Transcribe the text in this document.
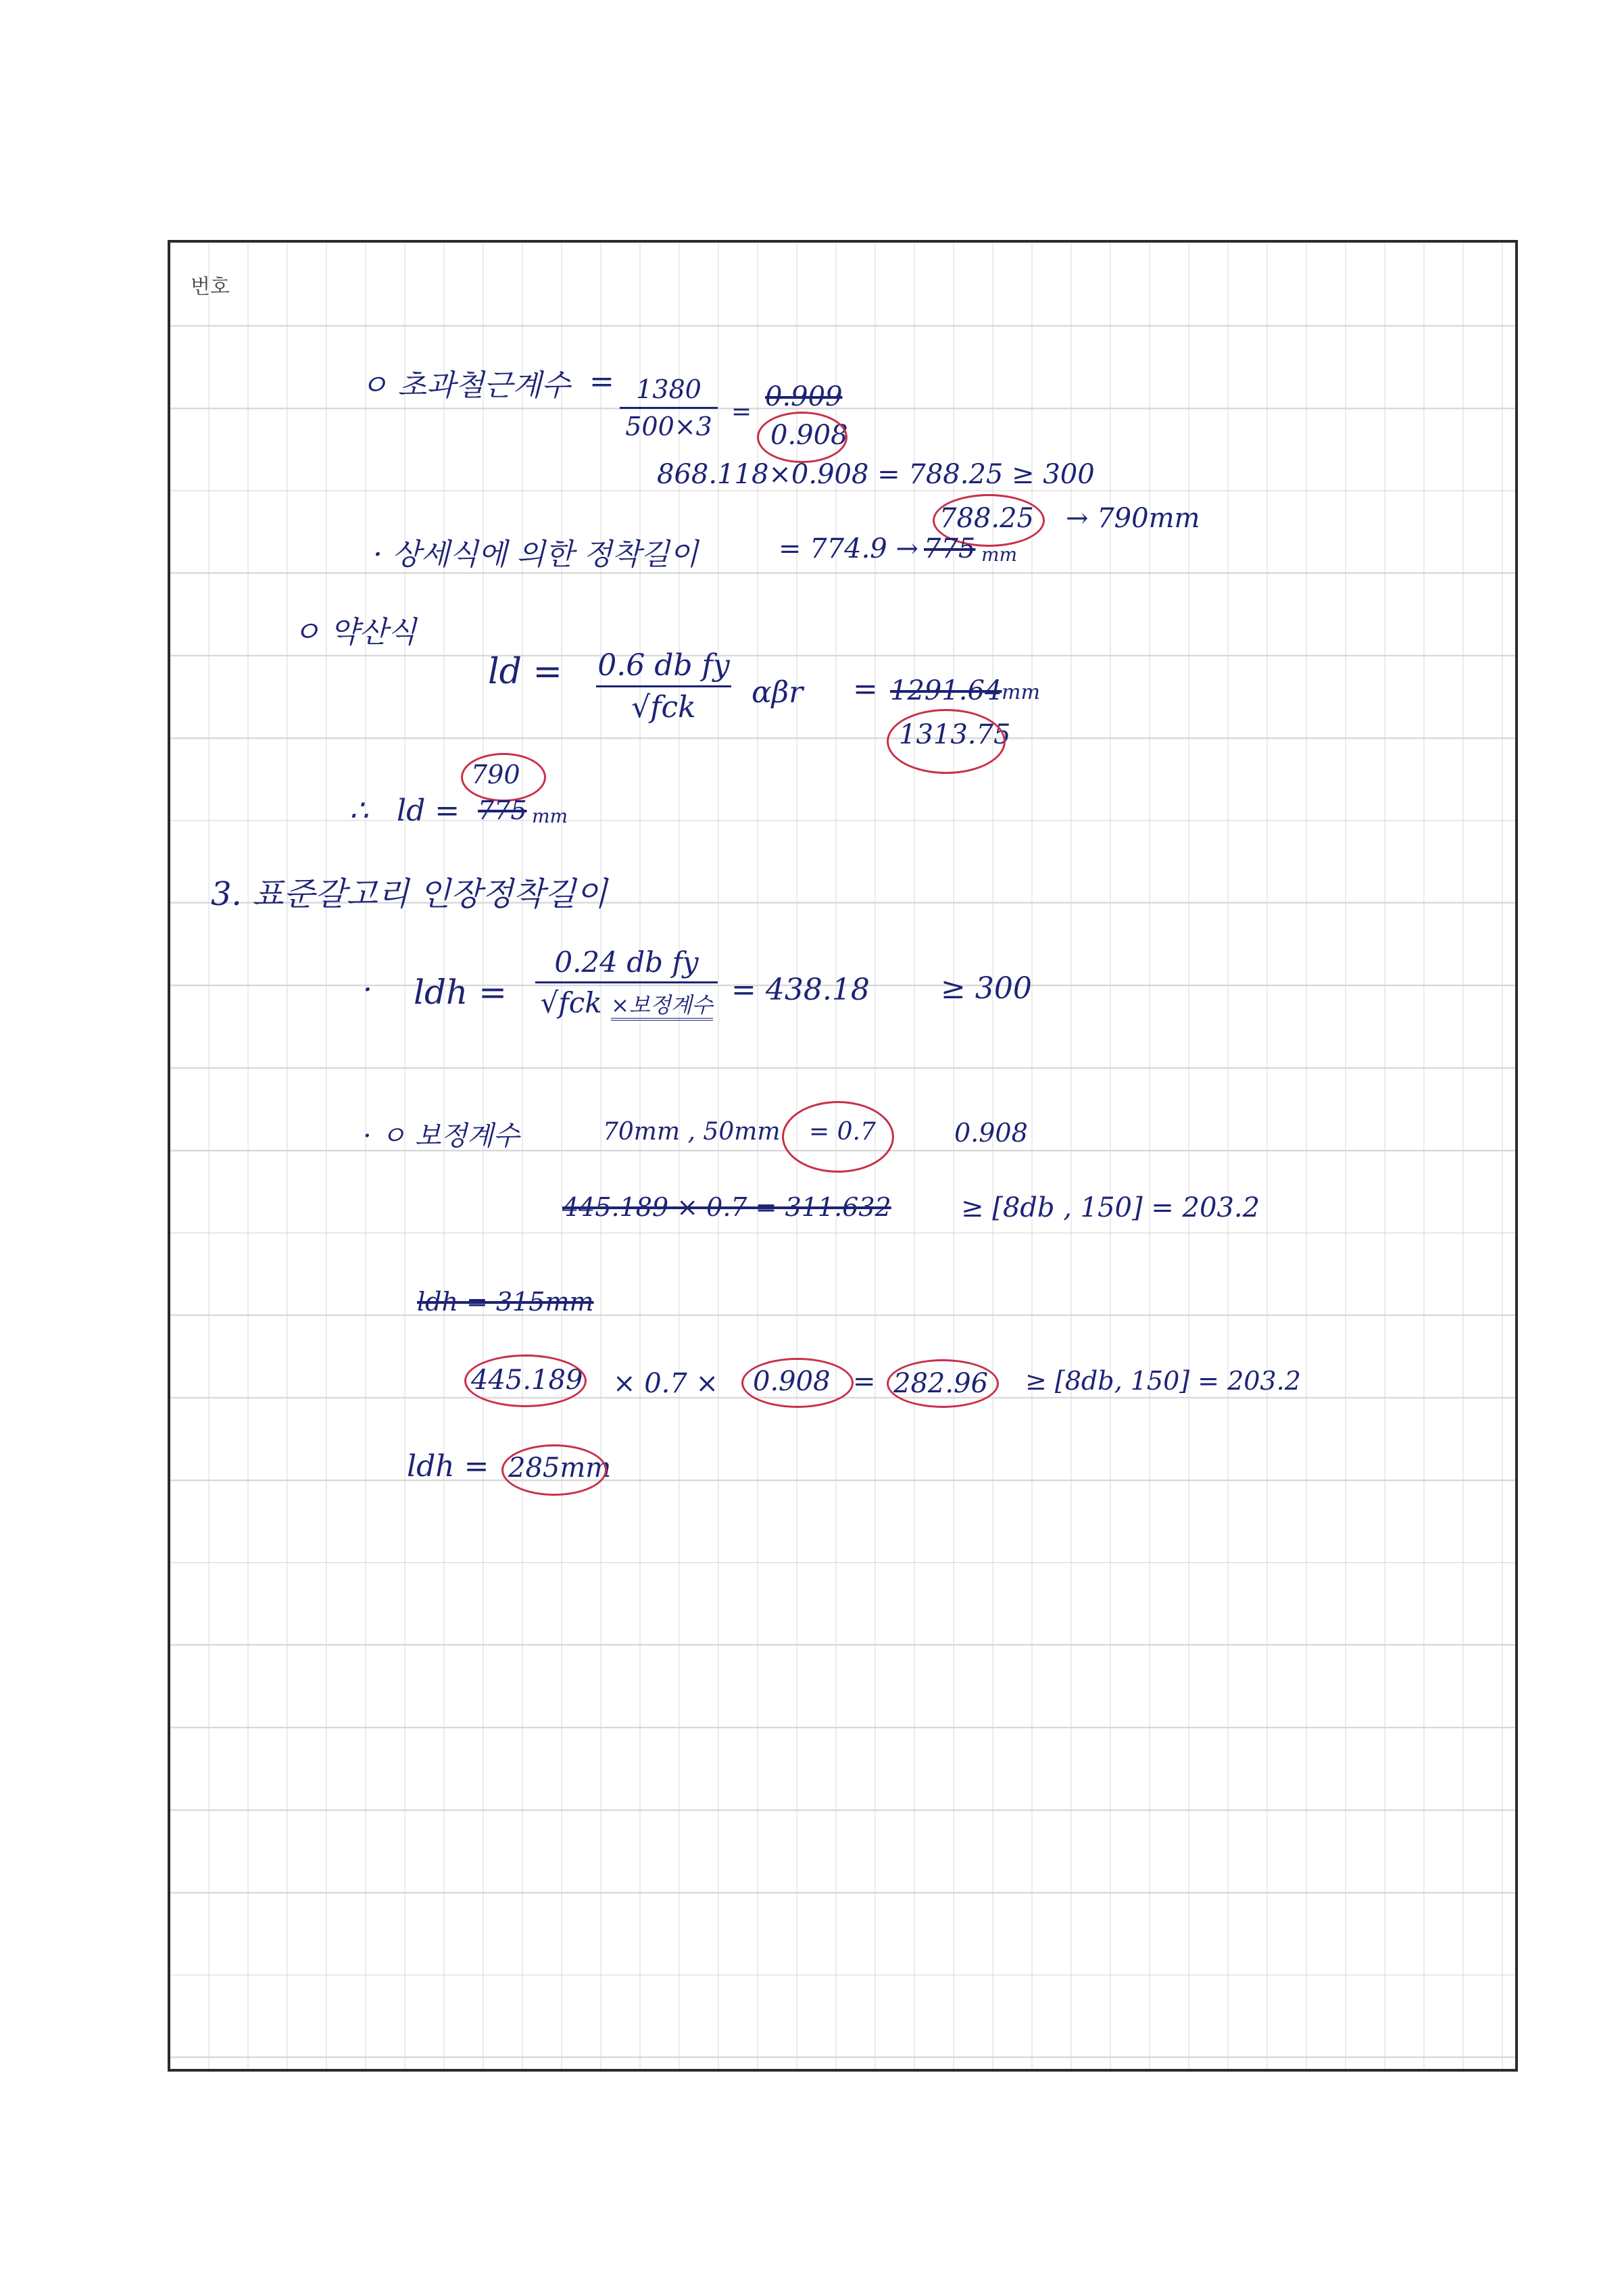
번호
ㅇ 초과철근계수 = 1380
500×3 = 0.909
0.908
868.118×0.908 = 788.25 ≥ 300
788.25 → 790mm
· 상세식에 의한 정착길이	= 774.9 → 775 mm
ㅇ 약산식
ld = 0.6 db fy
√fck	αβr = 1291.64 mm
1313.75
790
∴ ld = 775 mm
3. 표준갈고리 인장정착길이
· ldh =
0.24 db fy
√fck ×보정계수 = 438.18 ≥ 300
· ㅇ 보정계수	70mm , 50mm = 0.7	0.908
445.189 × 0.7 = 311.632	≥ [8db , 150] = 203.2
ldh = 315mm
445.189 × 0.7 × 0.908 = 282.96 ≥ [8db, 150] = 203.2
ldh = 285mm
